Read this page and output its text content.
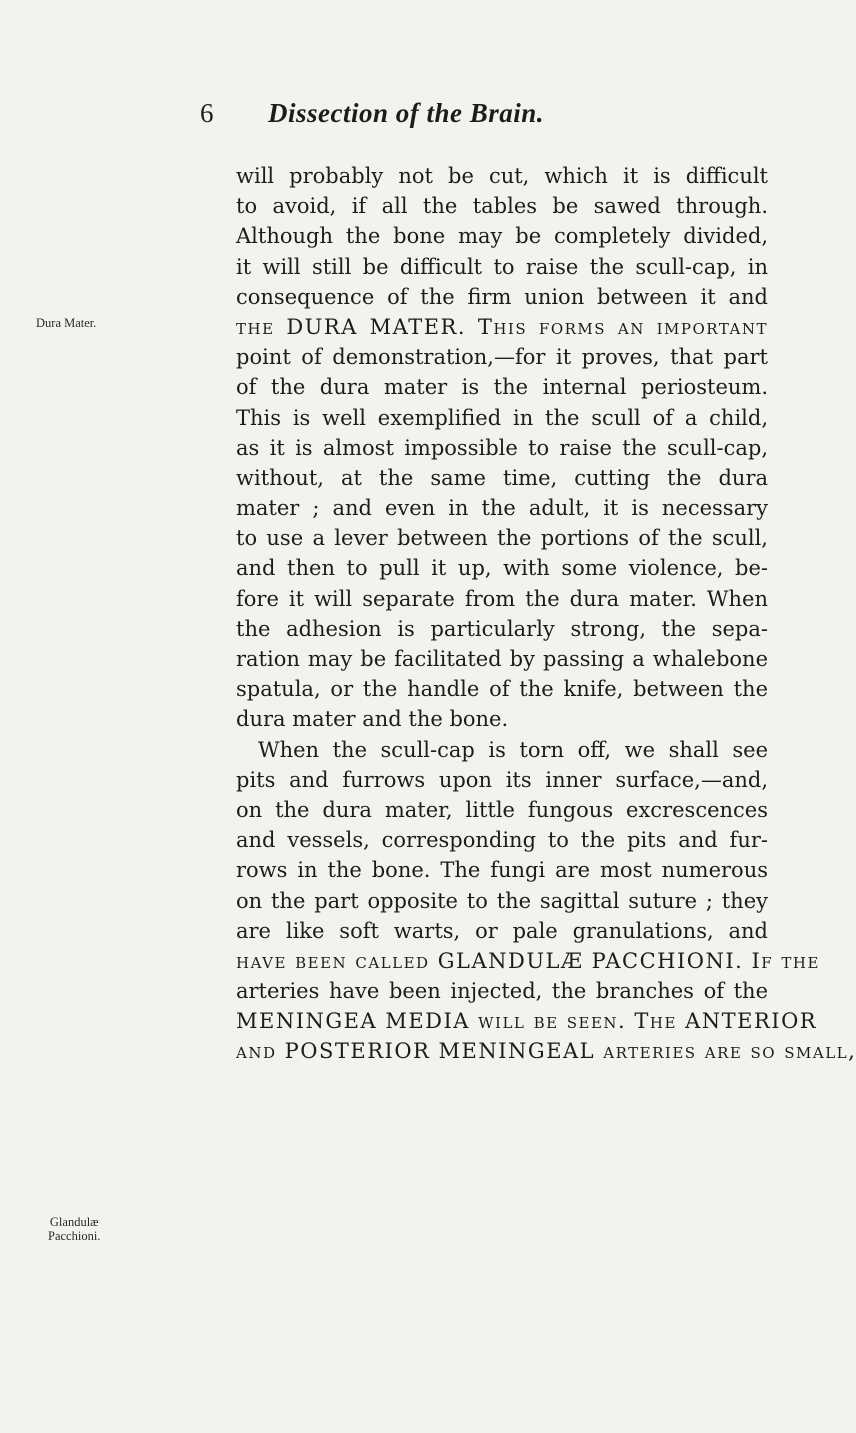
6 Dissection of the Brain.
Dura Mater.
Glandulæ
Pacchioni.
will probably not be cut, which it is difficult
to avoid, if all the tables be sawed through.
Although the bone may be completely divided,
it will still be difficult to raise the scull-cap, in
consequence of the firm union between it and
the DURA MATER. This forms an important
point of demonstration,—for it proves, that part
of the dura mater is the internal periosteum.
This is well exemplified in the scull of a child,
as it is almost impossible to raise the scull-cap,
without, at the same time, cutting the dura
mater ; and even in the adult, it is necessary
to use a lever between the portions of the scull,
and then to pull it up, with some violence, be-
fore it will separate from the dura mater. When
the adhesion is particularly strong, the sepa-
ration may be facilitated by passing a whalebone
spatula, or the handle of the knife, between the
dura mater and the bone.
When the scull-cap is torn off, we shall see
pits and furrows upon its inner surface,—and,
on the dura mater, little fungous excrescences
and vessels, corresponding to the pits and fur-
rows in the bone. The fungi are most numerous
on the part opposite to the sagittal suture ; they
are like soft warts, or pale granulations, and
have been called GLANDULÆ PACCHIONI. If the
arteries have been injected, the branches of the
MENINGEA MEDIA will be seen. The ANTERIOR
and POSTERIOR MENINGEAL arteries are so small,
